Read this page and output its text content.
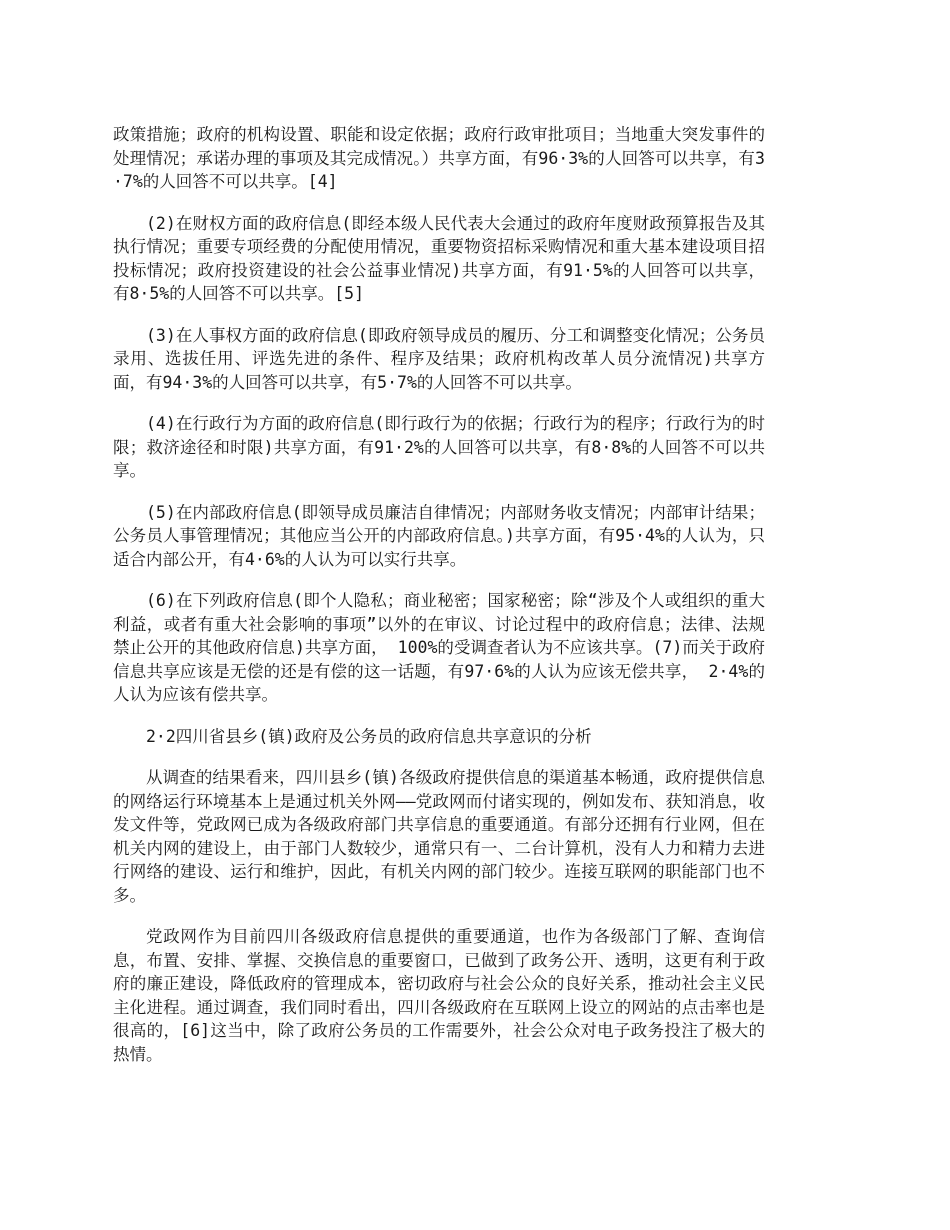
政策措施；政府的机构设置、职能和设定依据；政府行政审批项目；当地重大突发事件的处理情况；承诺办理的事项及其完成情况。）共享方面，有96·3%的人回答可以共享，有3·7%的人回答不可以共享。[4]

(2)在财权方面的政府信息(即经本级人民代表大会通过的政府年度财政预算报告及其执行情况；重要专项经费的分配使用情况，重要物资招标采购情况和重大基本建设项目招投标情况；政府投资建设的社会公益事业情况)共享方面，有91·5%的人回答可以共享，有8·5%的人回答不可以共享。[5]

(3)在人事权方面的政府信息(即政府领导成员的履历、分工和调整变化情况；公务员录用、选拔任用、评选先进的条件、程序及结果；政府机构改革人员分流情况)共享方面，有94·3%的人回答可以共享，有5·7%的人回答不可以共享。

(4)在行政行为方面的政府信息(即行政行为的依据；行政行为的程序；行政行为的时限；救济途径和时限)共享方面，有91·2%的人回答可以共享，有8·8%的人回答不可以共享。

(5)在内部政府信息(即领导成员廉洁自律情况；内部财务收支情况；内部审计结果；公务员人事管理情况；其他应当公开的内部政府信息。)共享方面，有95·4%的人认为，只适合内部公开，有4·6%的人认为可以实行共享。

(6)在下列政府信息(即个人隐私；商业秘密；国家秘密；除“涉及个人或组织的重大利益，或者有重大社会影响的事项”以外的在审议、讨论过程中的政府信息；法律、法规禁止公开的其他政府信息)共享方面， 100%的受调查者认为不应该共享。(7)而关于政府信息共享应该是无偿的还是有偿的这一话题，有97·6%的人认为应该无偿共享， 2·4%的人认为应该有偿共享。

2·2四川省县乡(镇)政府及公务员的政府信息共享意识的分析

从调查的结果看来，四川县乡(镇)各级政府提供信息的渠道基本畅通，政府提供信息的网络运行环境基本上是通过机关外网——党政网而付诸实现的，例如发布、获知消息，收发文件等，党政网已成为各级政府部门共享信息的重要通道。有部分还拥有行业网，但在机关内网的建设上，由于部门人数较少，通常只有一、二台计算机，没有人力和精力去进行网络的建设、运行和维护，因此，有机关内网的部门较少。连接互联网的职能部门也不多。

党政网作为目前四川各级政府信息提供的重要通道，也作为各级部门了解、查询信息，布置、安排、掌握、交换信息的重要窗口，已做到了政务公开、透明，这更有利于政府的廉正建设，降低政府的管理成本，密切政府与社会公众的良好关系，推动社会主义民主化进程。通过调查，我们同时看出，四川各级政府在互联网上设立的网站的点击率也是很高的，[6]这当中，除了政府公务员的工作需要外，社会公众对电子政务投注了极大的热情。
